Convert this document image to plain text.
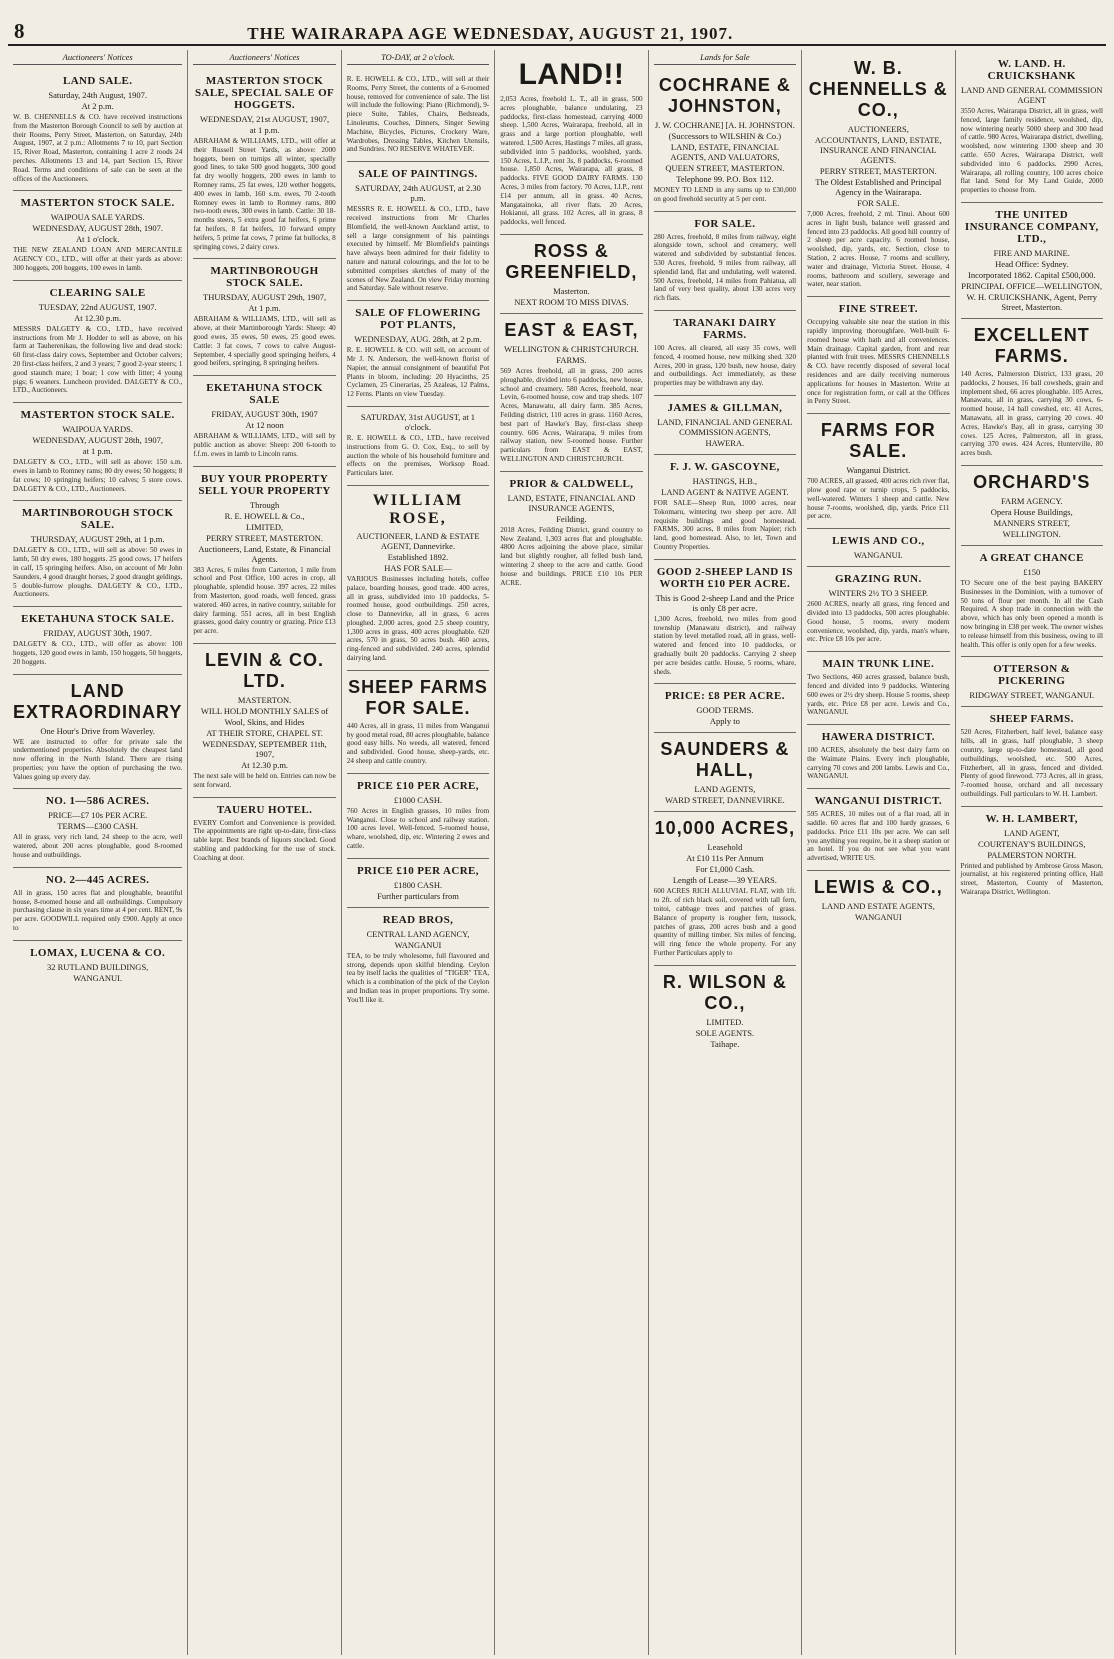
8	THE WAIRARAPA AGE WEDNESDAY, AUGUST 21, 1907.
Auctioneers' Notices
LAND SALE.
Saturday, 24th August, 1907.
At 2 p.m.
W. B. CHENNELLS & CO. have received instructions from the Masterton Borough Council to sell by auction at their Rooms, Perry Street, Masterton, on Saturday, 24th August, 1907, at 2 p.m.: Allotments 7 to 10, part Section 15, River Road, Masterton, containing 1 acre 2 roods 24 perches. Allotments 13 and 14, part Section 15, River Road. Terms and conditions of sale can be seen at the offices of the Auctioneers.
MASTERTON STOCK SALE.
WAIPOUA SALE YARDS.
WEDNESDAY, AUGUST 28th, 1907.
At 1 o'clock.
THE NEW ZEALAND LOAN AND MERCANTILE AGENCY CO., LTD., will offer at their yards as above: 300 hoggets, 200 hoggets, 100 ewes in lamb.
CLEARING SALE
TUESDAY, 22nd AUGUST, 1907.
At 12.30 p.m.
MESSRS DALGETY & CO., LTD., have received instructions from Mr J. Hodder to sell as above, on his farm at Tauherenikau, the following live and dead stock: 60 first-class dairy cows, September and October calvers; 20 first-class heifers, 2 and 3 years; 7 good 2-year steers; 1 good staunch mare; 1 boar; 1 cow with litter; 4 young pigs; 6 weaners. Luncheon provided. DALGETY & CO., LTD., Auctioneers.
MASTERTON STOCK SALE.
WAIPOUA YARDS.
WEDNESDAY, AUGUST 28th, 1907,
at 1 p.m.
DALGETY & CO., LTD., will sell as above: 150 s.m. ewes in lamb to Romney rams; 80 dry ewes; 50 hoggets; 8 fat cows; 10 springing heifers; 10 calves; 5 store cows. DALGETY & CO., LTD., Auctioneers.
MARTINBOROUGH STOCK SALE.
THURSDAY, AUGUST 29th, at 1 p.m.
DALGETY & CO., LTD., will sell as above: 50 ewes in lamb, 50 dry ewes, 180 hoggets. 25 good cows, 17 heifers in calf, 15 springing heifers. Also, on account of Mr John Saunders, 4 good draught horses, 2 good draught geldings, 5 double-furrow ploughs. DALGETY & CO., LTD., Auctioneers.
EKETAHUNA STOCK SALE.
FRIDAY, AUGUST 30th, 1907.
DALGETY & CO., LTD., will offer as above: 100 hoggets, 120 good ewes in lamb, 150 hoggets, 50 hoggets, 20 hoggets.
LAND EXTRAORDINARY
One Hour's Drive from Waverley.
WE are instructed to offer for private sale the undermentioned properties. Absolutely the cheapest land now offering in the North Island. There are rising properties; you have the option of purchasing the two. Values going up every day.
NO. 1—586 ACRES.
PRICE—£7 10s PER ACRE.
TERMS—£300 CASH.
All in grass, very rich land, 24 sheep to the acre, well watered, about 200 acres ploughable, good 8-roomed house and outbuildings.
NO. 2—445 ACRES.
All in grass, 150 acres flat and ploughable, beautiful house, 8-roomed house and all outbuildings. Compulsory purchasing clause in six years time at 4 per cent. RENT, 9s per acre. GOODWILL required only £900. Apply at once to
LOMAX, LUCENA & CO.
32 RUTLAND BUILDINGS,
WANGANUI.
Auctioneers' Notices
MASTERTON STOCK SALE, SPECIAL SALE OF HOGGETS.
WEDNESDAY, 21st AUGUST, 1907,
at 1 p.m.
ABRAHAM & WILLIAMS, LTD., will offer at their Russell Street Yards, as above: 2000 hoggets, been on turnips all winter, specially good lines, to take 500 good hoggets, 300 good fat dry woolly hoggets, 200 ewes in lamb to Romney rams, 25 fat ewes, 120 wether hoggets, 400 ewes in lamb, 160 s.m. ewes, 70 2-tooth Romney ewes in lamb to Romney rams, 800 two-tooth ewes, 300 ewes in lamb. Cattle: 30 18-months steers, 5 extra good fat heifers, 6 prime fat heifers, 8 fat heifers, 10 forward empty heifers, 5 prime fat cows, 7 prime fat bullocks, 8 springing cows, 2 dairy cows.
MARTINBOROUGH STOCK SALE.
THURSDAY, AUGUST 29th, 1907,
At 1 p.m.
ABRAHAM & WILLIAMS, LTD., will sell as above, at their Martinborough Yards: Sheep: 40 good ewes, 35 ewes, 50 ewes, 25 good ewes. Cattle: 3 fat cows, 7 cows to calve August-September, 4 specially good springing heifers, 4 good heifers, springing, 8 springing heifers.
EKETAHUNA STOCK SALE
FRIDAY, AUGUST 30th, 1907
At 12 noon
ABRAHAM & WILLIAMS, LTD., will sell by public auction as above: Sheep: 200 6-tooth to f.f.m. ewes in lamb to Lincoln rams.
BUY YOUR PROPERTY SELL YOUR PROPERTY
Through
R. E. HOWELL & Co.,
LIMITED,
PERRY STREET, MASTERTON.
Auctioneers, Land, Estate, & Financial Agents.
383 Acres, 6 miles from Carterton, 1 mile from school and Post Office, 100 acres in crop, all ploughable, splendid house. 397 acres, 22 miles from Masterton, good roads, well fenced, grass watered. 460 acres, in native country, suitable for dairy farming. 551 acres, all in best English grasses, good dairy country or grazing. Price £13 per acre.
LEVIN & CO. LTD.
MASTERTON.
WILL HOLD MONTHLY SALES of
Wool, Skins, and Hides
AT THEIR STORE, CHAPEL ST.
WEDNESDAY, SEPTEMBER 11th, 1907,
At 12.30 p.m.
The next sale will be held on. Entries can now be sent forward.
TAUERU HOTEL.
EVERY Comfort and Convenience is provided. The appointments are right up-to-date, first-class table kept. Best brands of liquors stocked. Good stabling and paddocking for the use of stock. Coaching at door.
TO-DAY, at 2 o'clock.
R. E. HOWELL & CO., LTD., will sell at their Rooms, Perry Street, the contents of a 6-roomed house, removed for convenience of sale. The list will include the following: Piano (Richmond), 9-piece Suite, Tables, Chairs, Bedsteads, Linoleums, Couches, Dinners, Singer Sewing Machine, Bicycles, Pictures, Crockery Ware, Wardrobes, Dressing Tables, Kitchen Utensils, and Sundries. NO RESERVE WHATEVER.
SALE OF PAINTINGS.
SATURDAY, 24th AUGUST, at 2.30 p.m.
MESSRS R. E. HOWELL & CO., LTD., have received instructions from Mr Charles Blomfield, the well-known Auckland artist, to sell a large consignment of his paintings executed by himself. Mr Blomfield's paintings have always been admired for their fidelity to nature and natural colourings, and the lot to be submitted comprises sketches of many of the scenes of New Zealand. On view Friday morning and Saturday. Sale without reserve.
SALE OF FLOWERING POT PLANTS,
WEDNESDAY, AUG. 28th, at 2 p.m.
R. E. HOWELL & CO. will sell, on account of Mr J. N. Anderson, the well-known florist of Napier, the annual consignment of beautiful Pot Plants in bloom, including: 20 Hyacinths, 25 Cyclamen, 25 Cinerarias, 25 Azaleas, 12 Palms, 12 Ferns. Plants on view Tuesday.
SATURDAY, 31st AUGUST, at 1 o'clock.
R. E. HOWELL & CO., LTD., have received instructions from G. O. Cox, Esq., to sell by auction the whole of his household furniture and effects on the premises, Worksop Road. Particulars later.
WILLIAM ROSE,
AUCTIONEER, LAND & ESTATE AGENT, Dannevirke.
Established 1892.
HAS FOR SALE—
VARIOUS Businesses including hotels, coffee palace, boarding houses, good trade. 400 acres, all in grass, subdivided into 10 paddocks, 5-roomed house, good outbuildings. 250 acres, close to Dannevirke, all in grass, 6 acres ploughed. 2,000 acres, good 2.5 sheep country, 1,300 acres in grass, 400 acres ploughable. 620 acres, 570 in grass, 50 acres bush. 460 acres, ring-fenced and subdivided. 240 acres, splendid dairying land.
SHEEP FARMS FOR SALE.
440 Acres, all in grass, 11 miles from Wanganui by good metal road, 80 acres ploughable, balance good easy hills. No weeds, all watered, fenced and subdivided. Good house, sheep-yards, etc. 24 sheep and cattle country.
PRICE £10 PER ACRE,
£1000 CASH.
760 Acres in English grasses, 10 miles from Wanganui. Close to school and railway station. 100 acres level. Well-fenced. 5-roomed house, whare, woolshed, dip, etc. Wintering 2 ewes and cattle.
PRICE £10 PER ACRE,
£1800 CASH.
Further particulars from
READ BROS,
CENTRAL LAND AGENCY,
WANGANUI
TEA, to be truly wholesome, full flavoured and strong, depends upon skilful blending. Ceylon tea by itself lacks the qualities of "TIGER" TEA, which is a combination of the pick of the Ceylon and Indian teas in proper proportions. Try some. You'll like it.
LAND!!
2,053 Acres, freehold L. T., all in grass, 500 acres ploughable, balance undulating, 23 paddocks, first-class homestead, carrying 4000 sheep. 1,500 Acres, Wairarapa, freehold, all in grass and a large portion ploughable, well watered. 1,500 Acres, Hastings 7 miles, all grass, subdivided into 5 paddocks, woolshed, yards. 150 Acres, L.I.P., rent 3s, 8 paddocks, 6-roomed house. 1,850 Acres, Wairarapa, all grass, 8 paddocks. FIVE GOOD DAIRY FARMS. 130 Acres, 3 miles from factory. 70 Acres, I.I.P., rent £14 per annum, all in grass. 40 Acres, Mangatainoka, all river flats. 20 Acres, Hokianui, all grass. 102 Acres, all in grass, 8 paddocks, well fenced.
ROSS & GREENFIELD,
Masterton.
NEXT ROOM TO MISS DIVAS.
EAST & EAST,
WELLINGTON & CHRISTCHURCH.
FARMS.
569 Acres freehold, all in grass, 200 acres ploughable, divided into 6 paddocks, new house, school and creamery. 580 Acres, freehold, near Levin, 6-roomed house, cow and trap sheds. 107 Acres, Manawatu, all dairy farm. 385 Acres, Feilding district, 110 acres in grass. 1160 Acres, best part of Hawke's Bay, first-class sheep country. 606 Acres, Wairarapa, 9 miles from railway station, new 5-roomed house. Further particulars from EAST & EAST, WELLINGTON AND CHRISTCHURCH.
PRIOR & CALDWELL,
LAND, ESTATE, FINANCIAL AND INSURANCE AGENTS,
Feilding.
2018 Acres, Feilding District, grand country to New Zealand, 1,303 acres flat and ploughable. 4800 Acres adjoining the above place, similar land but slightly rougher, all felled bush land, wintering 2 sheep to the acre and cattle. Good house and buildings. PRICE £10 10s PER ACRE.
Lands for Sale
COCHRANE & JOHNSTON,
J. W. COCHRANE] [A. H. JOHNSTON.
(Successors to WILSHIN & Co.)
LAND, ESTATE, FINANCIAL AGENTS, AND VALUATORS,
QUEEN STREET, MASTERTON.
Telephone 99. P.O. Box 112.
MONEY TO LEND in any sums up to £30,000 on good freehold security at 5 per cent.
FOR SALE.
280 Acres, freehold, 8 miles from railway, eight alongside town, school and creamery, well watered and subdivided by substantial fences. 530 Acres, freehold, 9 miles from railway, all splendid land, flat and undulating, well watered. 500 Acres, freehold, 14 miles from Pahiatua, all land of very best quality, about 130 acres very rich flats.
TARANAKI DAIRY FARMS.
100 Acres, all cleared, all easy 35 cows, well fenced, 4 roomed house, new milking shed. 320 Acres, 200 in grass, 120 bush, new house, dairy and outbuildings. Act immediately, as these properties may be withdrawn any day.
JAMES & GILLMAN,
LAND, FINANCIAL AND GENERAL COMMISSION AGENTS,
HAWERA.
F. J. W. GASCOYNE,
HASTINGS, H.B.,
LAND AGENT & NATIVE AGENT.
FOR SALE—Sheep Run, 1000 acres, near Tokomaru, wintering two sheep per acre. All requisite buildings and good homestead. FARMS, 300 acres, 8 miles from Napier; rich land, good homestead. Also, to let, Town and Country Properties.
GOOD 2-SHEEP LAND IS WORTH £10 PER ACRE.
This is Good 2-sheep Land and the Price is only £8 per acre.
1,300 Acres, freehold, two miles from good township (Manawatu district), and railway station by level metalled road, all in grass, well-watered and fenced into 10 paddocks, or gradually built 20 paddocks. Carrying 2 sheep per acre besides cattle. House, 5 rooms, whare, sheds.
PRICE: £8 PER ACRE.
GOOD TERMS.
Apply to
SAUNDERS & HALL,
LAND AGENTS,
WARD STREET, DANNEVIRKE.
10,000 ACRES,
Leasehold
At £10 11s Per Annum
For £1,000 Cash.
Length of Lease—39 YEARS.
600 ACRES RICH ALLUVIAL FLAT, with 1ft. to 2ft. of rich black soil, covered with tall fern, toitoi, cabbage trees and patches of grass. Balance of property is rougher fern, tussock, patches of grass, 200 acres bush and a good quantity of milling timber. Six miles of fencing, will ring fence the whole property. For any Further Particulars apply to
R. WILSON & CO.,
LIMITED.
SOLE AGENTS.
Taihape.
W. B. CHENNELLS & CO.,
AUCTIONEERS,
ACCOUNTANTS, LAND, ESTATE, INSURANCE AND FINANCIAL AGENTS.
PERRY STREET, MASTERTON.
The Oldest Established and Principal Agency in the Wairarapa.
FOR SALE.
7,000 Acres, freehold, 2 ml. Tinui. About 600 acres in light bush, balance well grassed and fenced into 23 paddocks. All good hill country of 2 sheep per acre capacity. 6 roomed house, woolshed, dip, yards, etc. Section, close to Station, 2 acres. House, 7 rooms and scullery, water and drainage, Victoria Street. House, 4 rooms, bathroom and scullery, sewerage and water, near station.
FINE STREET.
Occupying valuable site near the station in this rapidly improving thoroughfare. Well-built 6-roomed house with bath and all conveniences. Main drainage. Capital garden, front and rear planted with fruit trees. MESSRS CHENNELLS & CO. have recently disposed of several local residences and are daily receiving numerous applications for houses in Masterton. Write at once for registration form, or call at the Offices in Perry Street.
FARMS FOR SALE.
Wanganui District.
700 ACRES, all grassed, 400 acres rich river flat, plow good rape or turnip crops, 5 paddocks, well-watered. Winters 1 sheep and cattle. New house 7-rooms, woolshed, dip, yards. Price £11 per acre.
LEWIS AND CO.,
WANGANUI.
GRAZING RUN.
WINTERS 2½ TO 3 SHEEP.
2600 ACRES, nearly all grass, ring fenced and divided into 13 paddocks, 500 acres ploughable. Good house, 5 rooms, every modern convenience, woolshed, dip, yards, man's whare, etc. Price £8 10s per acre.
MAIN TRUNK LINE.
Two Sections, 460 acres grassed, balance bush, fenced and divided into 9 paddocks. Wintering 600 ewes or 2½ dry sheep. House 5 rooms, sheep yards, etc. Price £8 per acre. Lewis and Co., WANGANUI.
HAWERA DISTRICT.
100 ACRES, absolutely the best dairy farm on the Waimate Plains. Every inch ploughable, carrying 70 cows and 200 lambs. Lewis and Co., WANGANUI.
WANGANUI DISTRICT.
595 ACRES, 10 miles out of a flat road, all in saddle. 60 acres flat and 100 hardy grasses, 6 paddocks. Price £11 10s per acre. We can sell you anything you require, be it a sheep station or an hotel. If you do not see what you want advertised, WRITE US.
LEWIS & CO.,
LAND AND ESTATE AGENTS,
WANGANUI
W. LAND. H. CRUICKSHANK
LAND AND GENERAL COMMISSION AGENT
3550 Acres, Wairarapa District, all in grass, well fenced, large family residence, woolshed, dip, now wintering nearly 5000 sheep and 300 head of cattle. 980 Acres, Wairarapa district, dwelling, woolshed, now wintering 1300 sheep and 30 cattle. 650 Acres, Wairarapa District, well subdivided into 6 paddocks. 2990 Acres, Wairarapa, all rolling country, 100 acres choice flat land. Send for My Land Guide, 2000 properties to choose from.
THE UNITED INSURANCE COMPANY, LTD.,
FIRE AND MARINE.
Head Office: Sydney.
Incorporated 1862. Capital £500,000.
PRINCIPAL OFFICE—WELLINGTON,
W. H. CRUICKSHANK, Agent, Perry Street, Masterton.
EXCELLENT FARMS.
140 Acres, Palmerston District, 133 grass, 20 paddocks, 2 houses, 16 ball cowsheds, grain and implement shed, 66 acres ploughable. 105 Acres, Manawatu, all in grass, carrying 30 cows, 6-roomed house, 14 ball cowshed, etc. 41 Acres, Manawatu, all in grass, carrying 20 cows. 40 Acres, Hawke's Bay, all in grass, carrying 30 cows. 125 Acres, Palmerston, all in grass, carrying 370 ewes. 424 Acres, Hunterville, 80 acres bush.
ORCHARD'S
FARM AGENCY.
Opera House Buildings,
MANNERS STREET,
WELLINGTON.
A GREAT CHANCE
£150
TO Secure one of the best paying BAKERY Businesses in the Dominion, with a turnover of 50 tons of flour per month. In all the Cash Required. A shop trade in connection with the above, which has only been opened a month is now bringing in £38 per week. The owner wishes to release himself from this business, owing to ill health. This offer is only open for a few weeks.
OTTERSON & PICKERING
RIDGWAY STREET, WANGANUI.
SHEEP FARMS.
520 Acres, Fitzherbert, half level, balance easy hills, all in grass, half ploughable, 3 sheep country, large up-to-date homestead, all good outbuildings, woolshed, etc. 500 Acres, Fitzherbert, all in grass, fenced and divided. Plenty of good firewood. 773 Acres, all in grass, 7-roomed house, orchard and all necessary outbuildings. Full particulars to W. H. Lambert.
W. H. LAMBERT,
LAND AGENT,
COURTENAY'S BUILDINGS,
PALMERSTON NORTH.
Printed and published by Ambrose Gross Mason, journalist, at his registered printing office, Hall street, Masterton, County of Masterton, Wairarapa District, Wellington.
